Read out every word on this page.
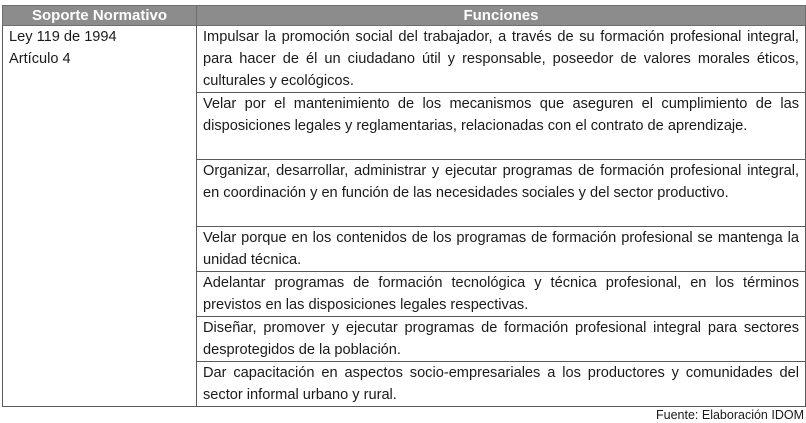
Soporte Normativo	Funciones

Ley 119 de 1994
Artículo 4	Impulsar la promoción social del trabajador, a través de su formación profesional integral, para hacer de él un ciudadano útil y responsable, poseedor de valores morales éticos, culturales y ecológicos.
	Velar por el mantenimiento de los mecanismos que aseguren el cumplimiento de las disposiciones legales y reglamentarias, relacionadas con el contrato de aprendizaje.
	Organizar, desarrollar, administrar y ejecutar programas de formación profesional integral, en coordinación y en función de las necesidades sociales y del sector productivo.
	Velar porque en los contenidos de los programas de formación profesional se mantenga la unidad técnica.
	Adelantar programas de formación tecnológica y técnica profesional, en los términos previstos en las disposiciones legales respectivas.
	Diseñar, promover y ejecutar programas de formación profesional integral para sectores desprotegidos de la población.
	Dar capacitación en aspectos socio-empresariales a los productores y comunidades del sector informal urbano y rural.
Fuente: Elaboración IDOM
